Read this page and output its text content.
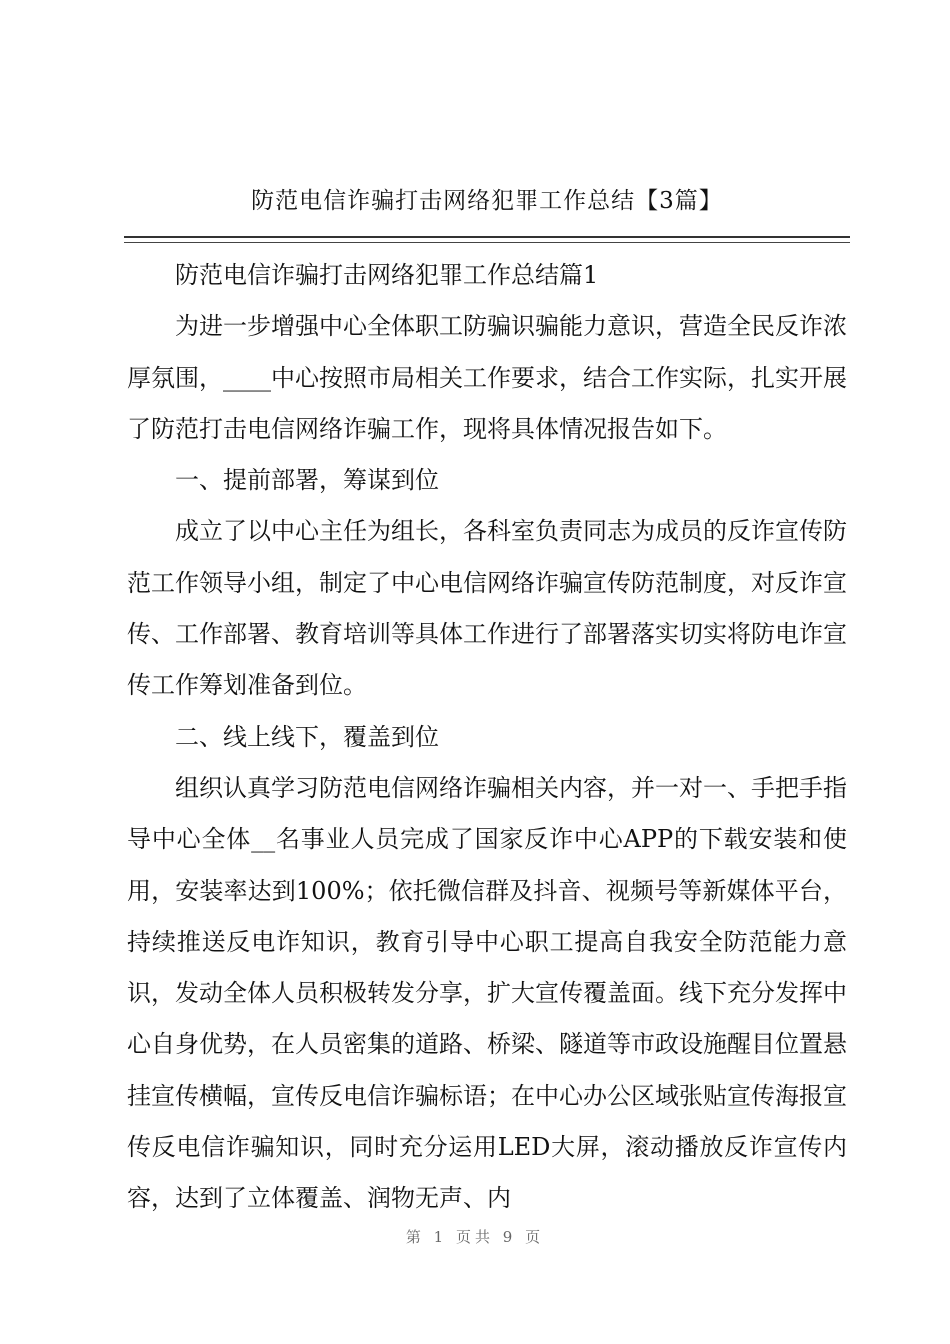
防范电信诈骗打击网络犯罪工作总结【3篇】

防范电信诈骗打击网络犯罪工作总结篇1

为进一步增强中心全体职工防骗识骗能力意识，营造全民反诈浓厚氛围，____中心按照市局相关工作要求，结合工作实际，扎实开展了防范打击电信网络诈骗工作，现将具体情况报告如下。

一、提前部署，筹谋到位

成立了以中心主任为组长，各科室负责同志为成员的反诈宣传防范工作领导小组，制定了中心电信网络诈骗宣传防范制度，对反诈宣传、工作部署、教育培训等具体工作进行了部署落实切实将防电诈宣传工作筹划准备到位。

二、线上线下，覆盖到位

组织认真学习防范电信网络诈骗相关内容，并一对一、手把手指导中心全体__名事业人员完成了国家反诈中心APP的下载安装和使用，安装率达到100%；依托微信群及抖音、视频号等新媒体平台，持续推送反电诈知识，教育引导中心职工提高自我安全防范能力意识，发动全体人员积极转发分享，扩大宣传覆盖面。线下充分发挥中心自身优势，在人员密集的道路、桥梁、隧道等市政设施醒目位置悬挂宣传横幅，宣传反电信诈骗标语；在中心办公区域张贴宣传海报宣传反电信诈骗知识，同时充分运用LED大屏，滚动播放反诈宣传内容，达到了立体覆盖、润物无声、内

第 1 页共 9 页
